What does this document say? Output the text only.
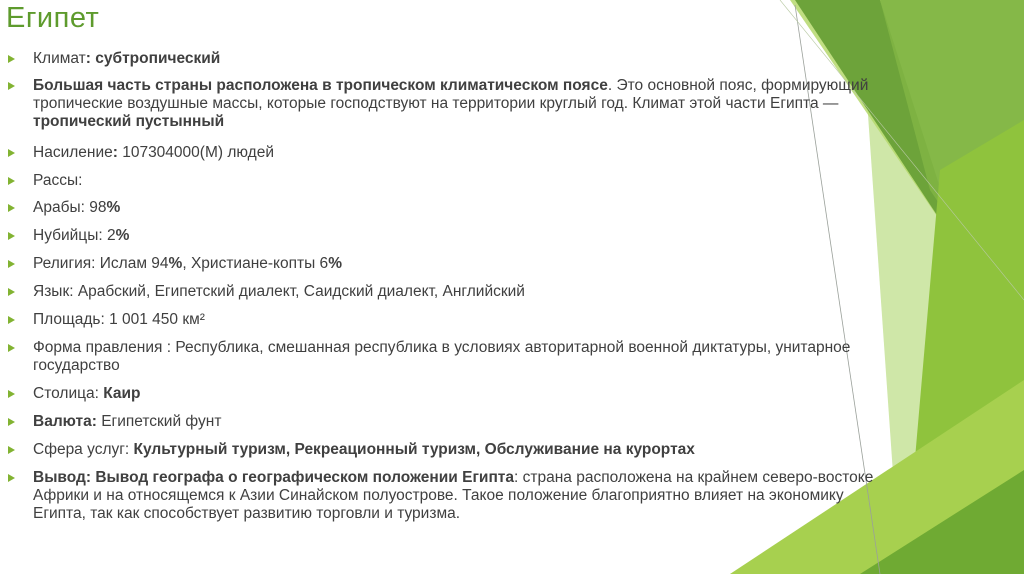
Египет
Климат: субтропический
Большая часть страны расположена в тропическом климатическом поясе. Это основной пояс, формирующий тропические воздушные массы, которые господствуют на территории круглый год. Климат этой части Египта — тропический пустынный
Насиление: 107304000(М) людей
Рассы:
Арабы: 98%
Нубийцы: 2%
Религия: Ислам 94%, Христиане-копты 6%
Язык: Арабский, Египетский диалект, Саидский диалект, Английский
Площадь: 1 001 450 км²
Форма правления : Республика, смешанная республика в условиях авторитарной военной диктатуры, унитарное государство
Столица: Каир
Валюта: Египетский фунт
Сфера услуг: Культурный туризм, Рекреационный туризм, Обслуживание на курортах
Вывод: Вывод географа о географическом положении Египта: страна расположена на крайнем северо-востоке Африки и на относящемся к Азии Синайском полуострове. Такое положение благоприятно влияет на экономику Египта, так как способствует развитию торговли и туризма.
